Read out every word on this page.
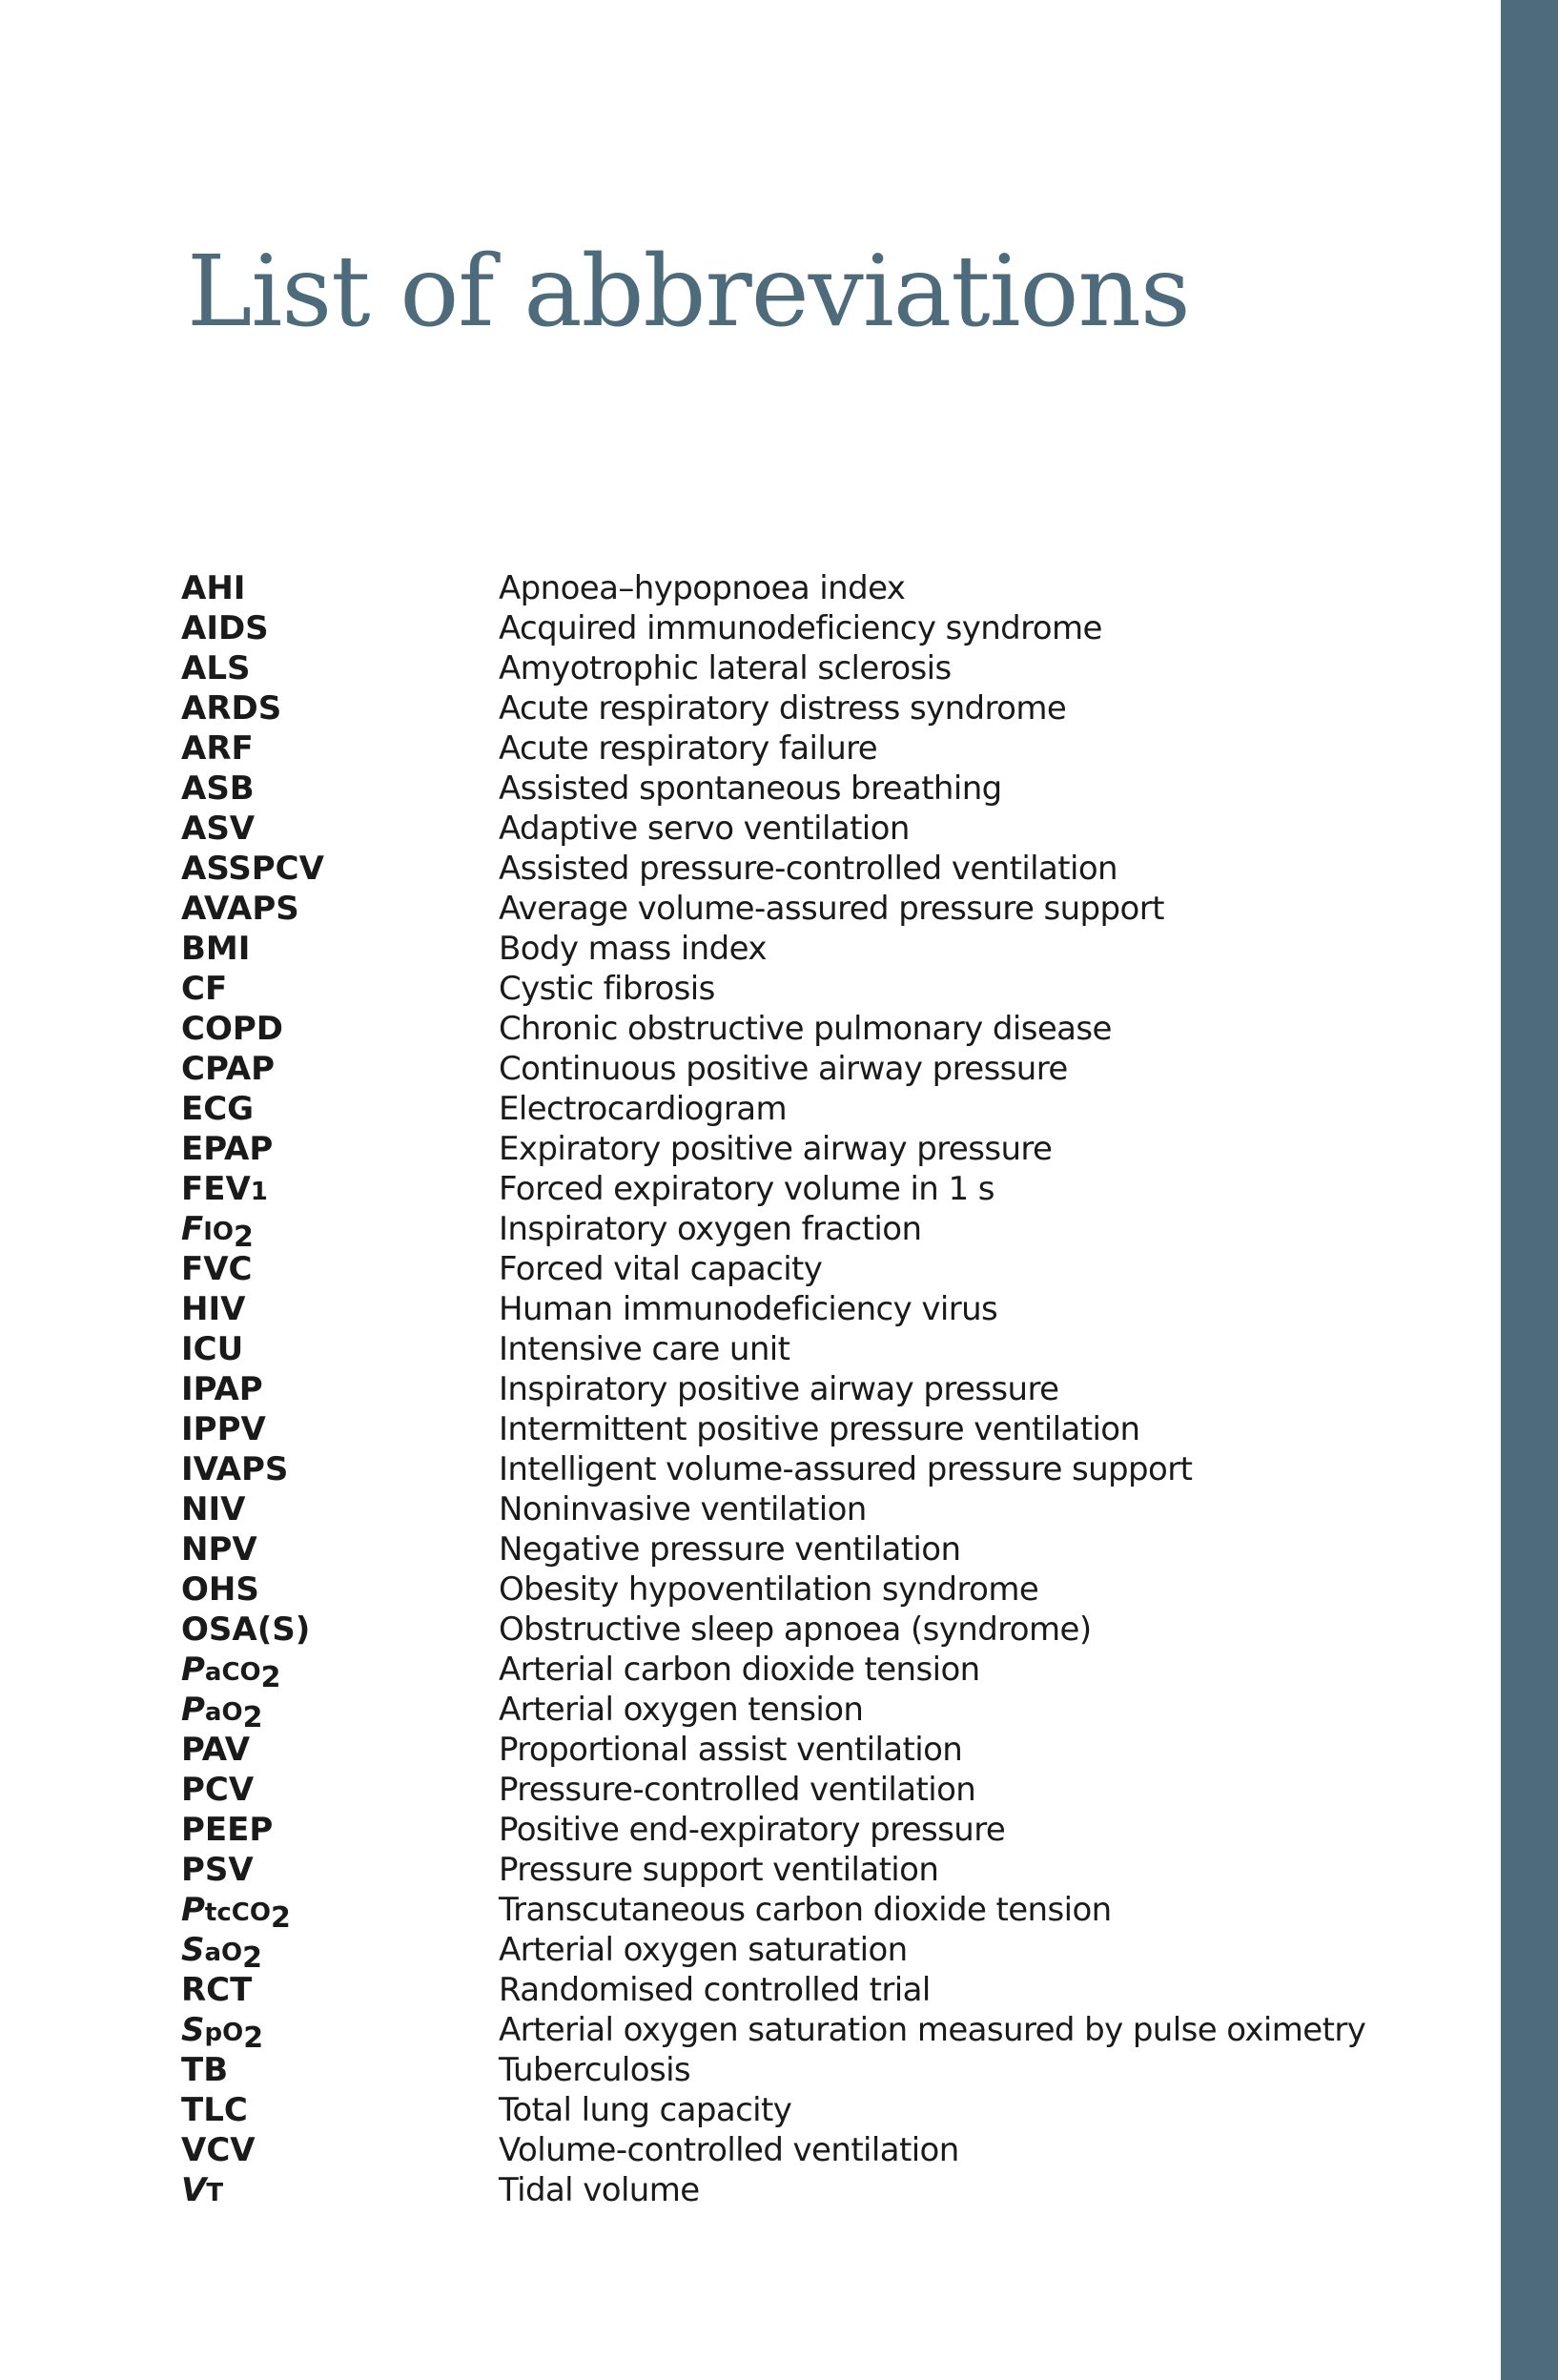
List of abbreviations
AHI	Apnoea–hypopnoea index
AIDS	Acquired immunodeficiency syndrome
ALS	Amyotrophic lateral sclerosis
ARDS	Acute respiratory distress syndrome
ARF	Acute respiratory failure
ASB	Assisted spontaneous breathing
ASV	Adaptive servo ventilation
ASSPCV	Assisted pressure-controlled ventilation
AVAPS	Average volume-assured pressure support
BMI	Body mass index
CF	Cystic fibrosis
COPD	Chronic obstructive pulmonary disease
CPAP	Continuous positive airway pressure
ECG	Electrocardiogram
EPAP	Expiratory positive airway pressure
FEV1	Forced expiratory volume in 1 s
FIO2	Inspiratory oxygen fraction
FVC	Forced vital capacity
HIV	Human immunodeficiency virus
ICU	Intensive care unit
IPAP	Inspiratory positive airway pressure
IPPV	Intermittent positive pressure ventilation
IVAPS	Intelligent volume-assured pressure support
NIV	Noninvasive ventilation
NPV	Negative pressure ventilation
OHS	Obesity hypoventilation syndrome
OSA(S)	Obstructive sleep apnoea (syndrome)
PaCO2	Arterial carbon dioxide tension
PaO2	Arterial oxygen tension
PAV	Proportional assist ventilation
PCV	Pressure-controlled ventilation
PEEP	Positive end-expiratory pressure
PSV	Pressure support ventilation
PtcCO2	Transcutaneous carbon dioxide tension
SaO2	Arterial oxygen saturation
RCT	Randomised controlled trial
SpO2	Arterial oxygen saturation measured by pulse oximetry
TB	Tuberculosis
TLC	Total lung capacity
VCV	Volume-controlled ventilation
VT	Tidal volume
